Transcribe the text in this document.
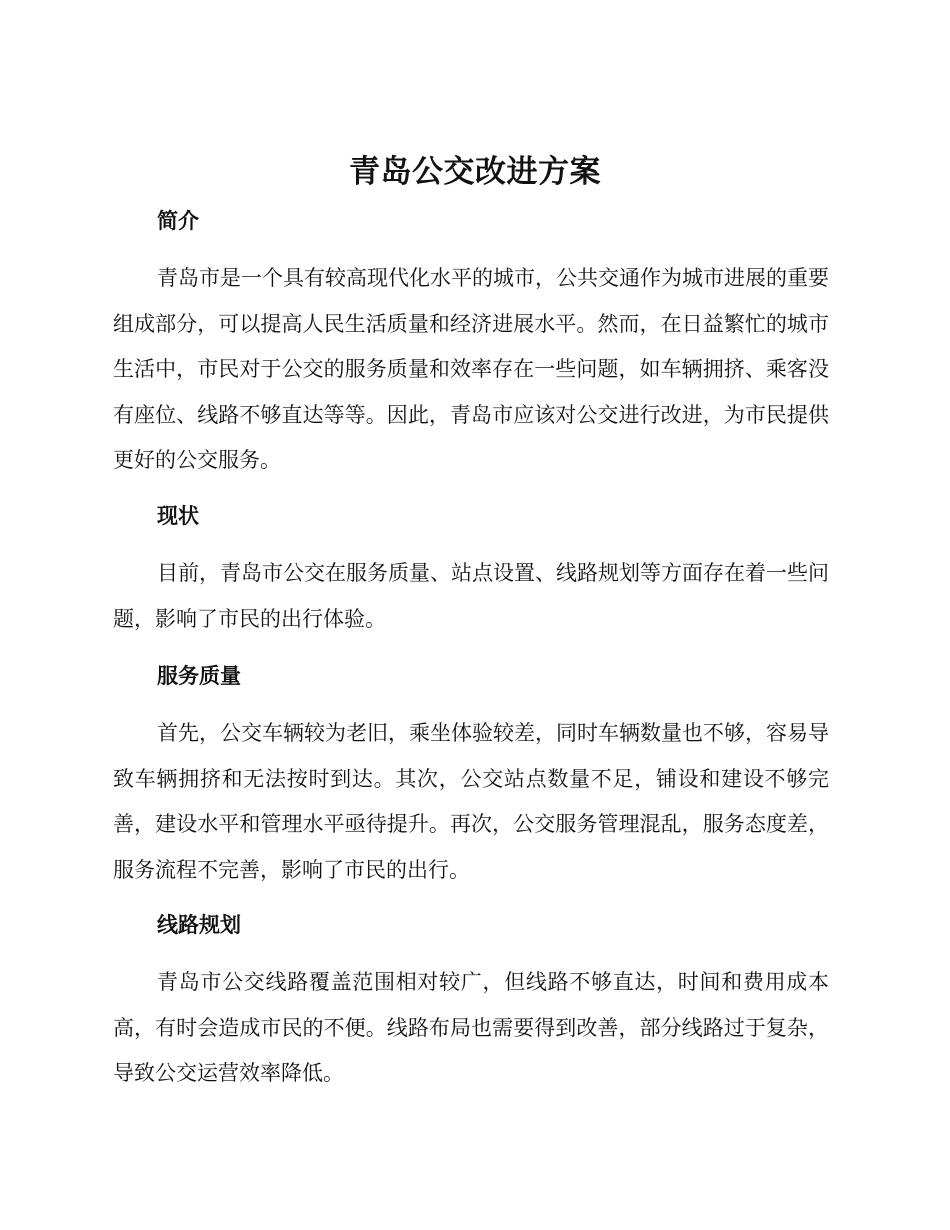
青岛公交改进方案
简介
青岛市是一个具有较高现代化水平的城市，公共交通作为城市进展的重要组成部分，可以提高人民生活质量和经济进展水平。然而，在日益繁忙的城市生活中，市民对于公交的服务质量和效率存在一些问题，如车辆拥挤、乘客没有座位、线路不够直达等等。因此，青岛市应该对公交进行改进，为市民提供更好的公交服务。
现状
目前，青岛市公交在服务质量、站点设置、线路规划等方面存在着一些问题，影响了市民的出行体验。
服务质量
首先，公交车辆较为老旧，乘坐体验较差，同时车辆数量也不够，容易导致车辆拥挤和无法按时到达。其次，公交站点数量不足，铺设和建设不够完善，建设水平和管理水平亟待提升。再次，公交服务管理混乱，服务态度差，服务流程不完善，影响了市民的出行。
线路规划
青岛市公交线路覆盖范围相对较广，但线路不够直达，时间和费用成本高，有时会造成市民的不便。线路布局也需要得到改善，部分线路过于复杂，导致公交运营效率降低。
